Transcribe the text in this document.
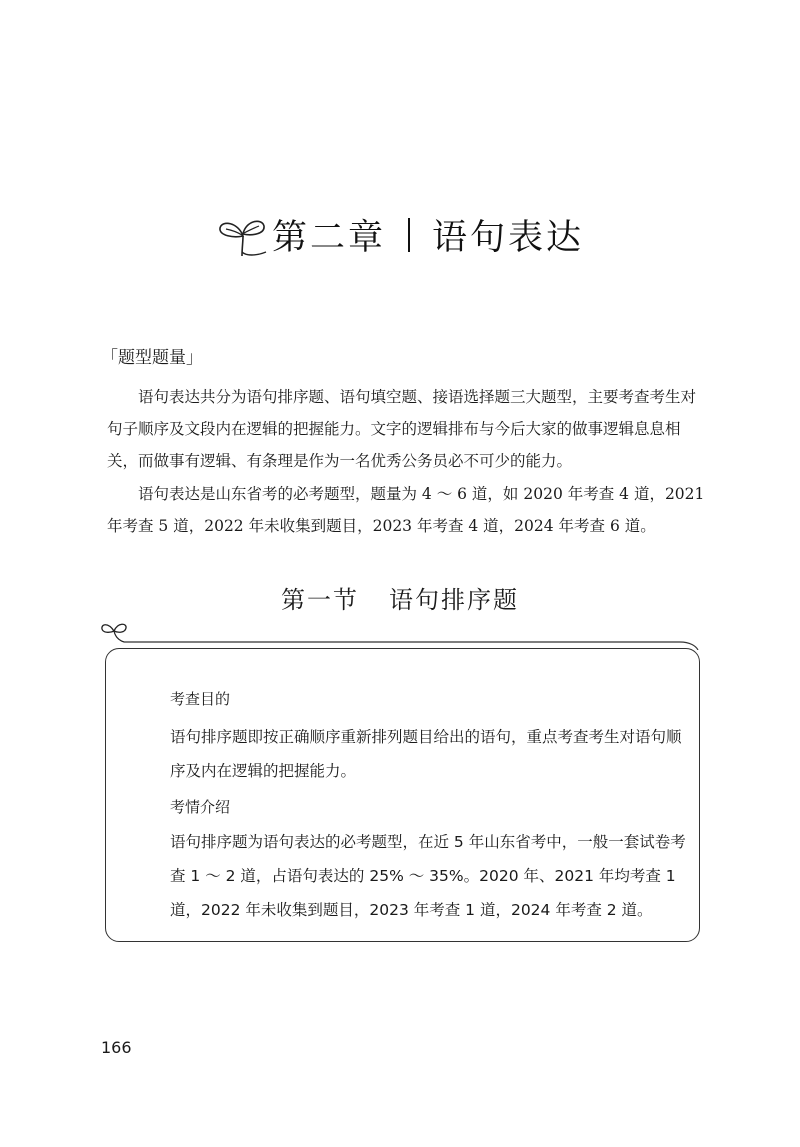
第二章 语句表达
「题型题量」

语句表达共分为语句排序题、语句填空题、接语选择题三大题型，主要考查考生对句子顺序及文段内在逻辑的把握能力。文字的逻辑排布与今后大家的做事逻辑息息相关，而做事有逻辑、有条理是作为一名优秀公务员必不可少的能力。

语句表达是山东省考的必考题型，题量为 4 ～ 6 道，如 2020 年考查 4 道，2021 年考查 5 道，2022 年未收集到题目，2023 年考查 4 道，2024 年考查 6 道。

第一节 语句排序题
考查目的

语句排序题即按正确顺序重新排列题目给出的语句，重点考查考生对语句顺序及内在逻辑的把握能力。

考情介绍

语句排序题为语句表达的必考题型，在近 5 年山东省考中，一般一套试卷考查 1 ～ 2 道，占语句表达的 25% ～ 35%。2020 年、2021 年均考查 1 道，2022 年未收集到题目，2023 年考查 1 道，2024 年考查 2 道。

166
